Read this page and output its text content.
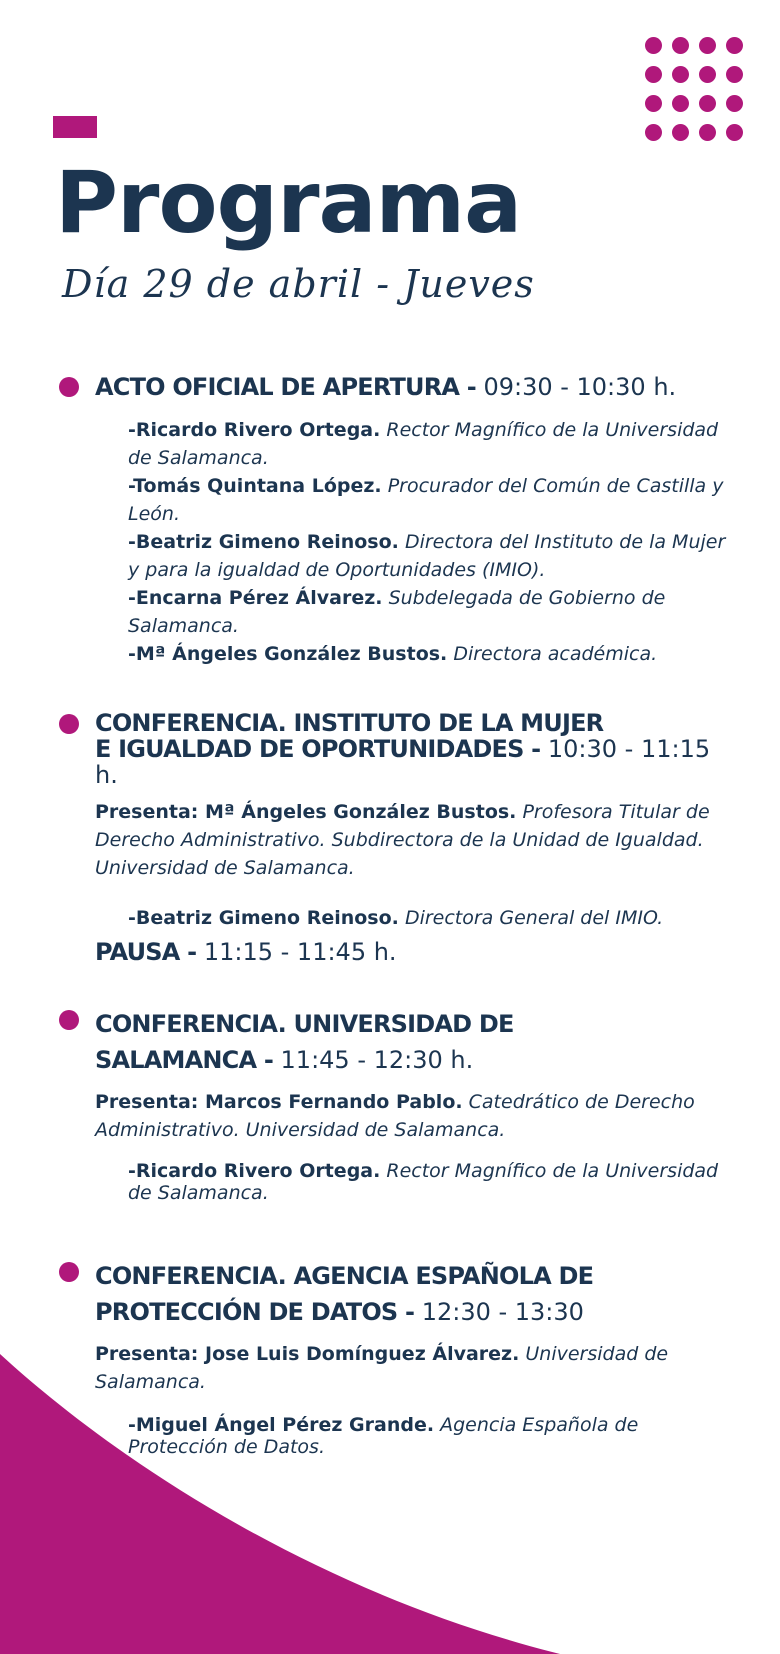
Programa
Día 29 de abril - Jueves
ACTO OFICIAL DE APERTURA - 09:30 - 10:30 h.
-Ricardo Rivero Ortega. Rector Magnífico de la Universidad de Salamanca.
-Tomás Quintana López. Procurador del Común de Castilla y León.
-Beatriz Gimeno Reinoso. Directora del Instituto de la Mujer y para la igualdad de Oportunidades (IMIO).
-Encarna Pérez Álvarez. Subdelegada de Gobierno de Salamanca.
-Mª Ángeles González Bustos. Directora académica.
CONFERENCIA. INSTITUTO DE LA MUJER
E IGUALDAD DE OPORTUNIDADES - 10:30 - 11:15 h.
Presenta: Mª Ángeles González Bustos. Profesora Titular de Derecho Administrativo. Subdirectora de la Unidad de Igualdad. Universidad de Salamanca.
-Beatriz Gimeno Reinoso. Directora General del IMIO.
PAUSA - 11:15 - 11:45 h.
CONFERENCIA. UNIVERSIDAD DE
SALAMANCA - 11:45 - 12:30 h.
Presenta: Marcos Fernando Pablo. Catedrático de Derecho Administrativo. Universidad de Salamanca.
-Ricardo Rivero Ortega. Rector Magnífico de la Universidad de Salamanca.
CONFERENCIA. AGENCIA ESPAÑOLA DE
PROTECCIÓN DE DATOS - 12:30 - 13:30
Presenta: Jose Luis Domínguez Álvarez. Universidad de Salamanca.
-Miguel Ángel Pérez Grande. Agencia Española de Protección de Datos.
